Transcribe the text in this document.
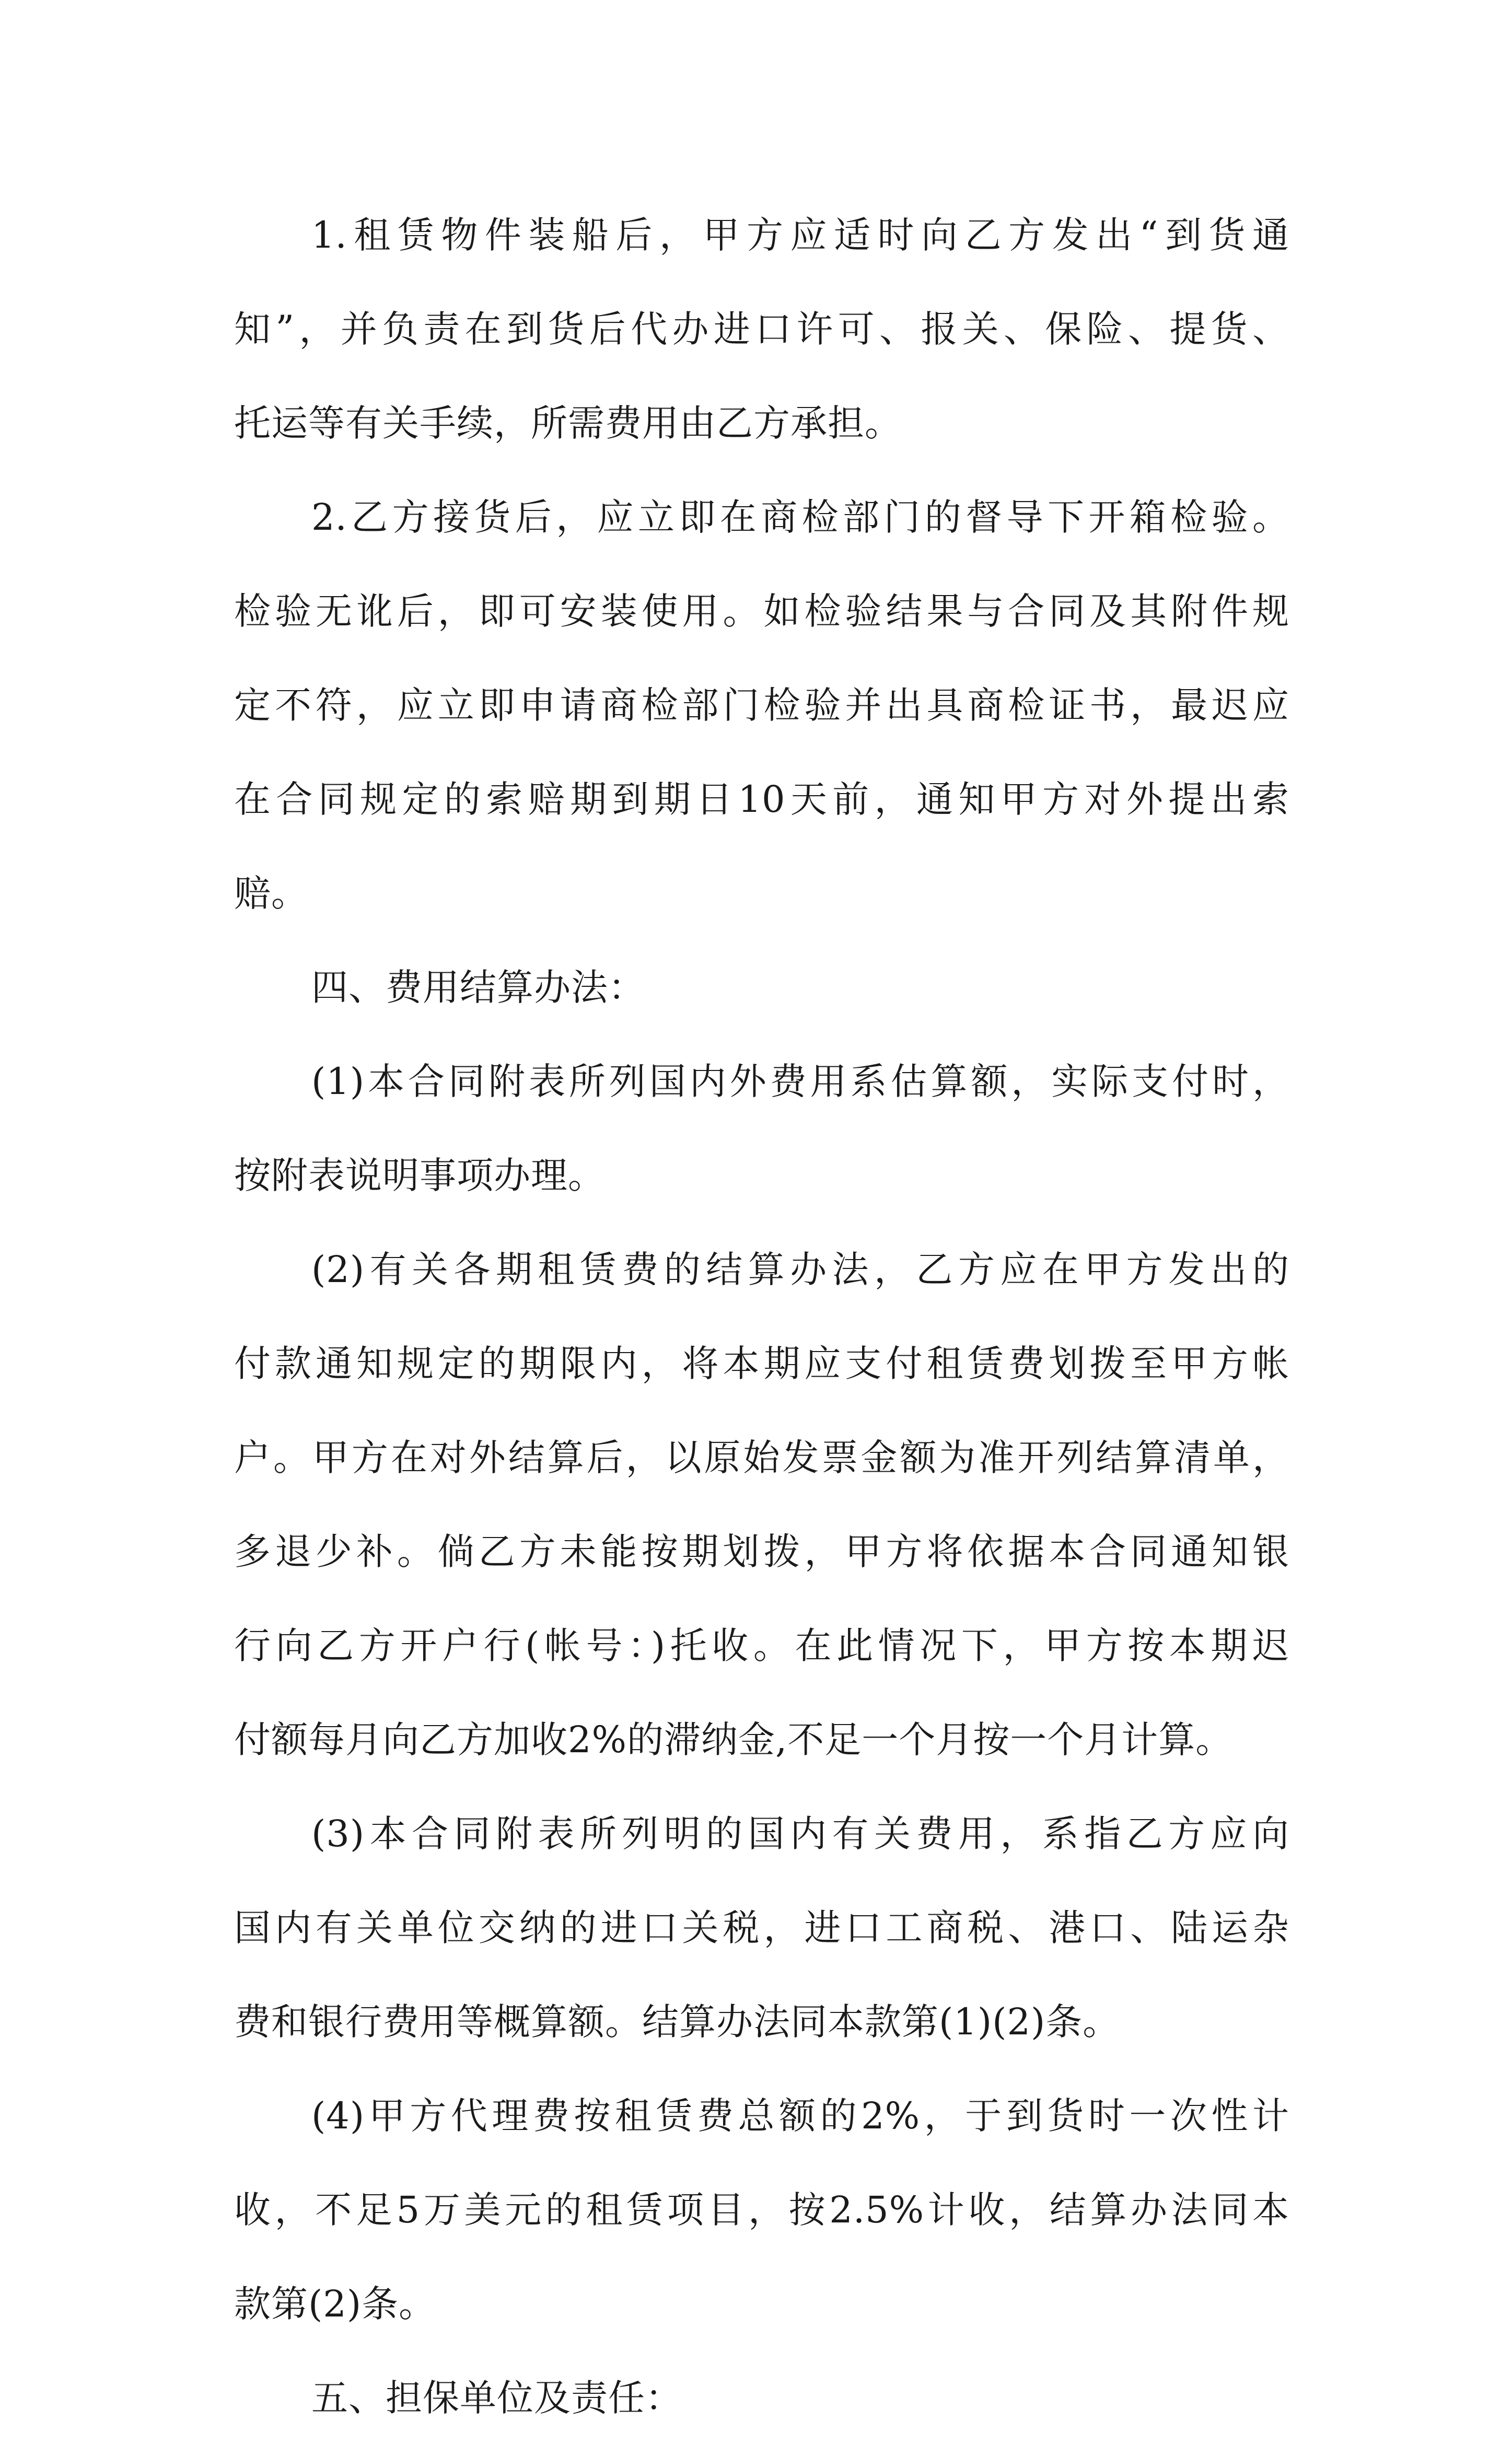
1.租赁物件装船后，甲方应适时向乙方发出“到货通
知”，并负责在到货后代办进口许可、报关、保险、提货、
托运等有关手续，所需费用由乙方承担。
2.乙方接货后，应立即在商检部门的督导下开箱检验。
检验无讹后，即可安装使用。如检验结果与合同及其附件规
定不符，应立即申请商检部门检验并出具商检证书，最迟应
在合同规定的索赔期到期日10天前，通知甲方对外提出索
赔。
四、费用结算办法：
(1)本合同附表所列国内外费用系估算额，实际支付时，
按附表说明事项办理。
(2)有关各期租赁费的结算办法，乙方应在甲方发出的
付款通知规定的期限内，将本期应支付租赁费划拨至甲方帐
户。甲方在对外结算后，以原始发票金额为准开列结算清单，
多退少补。倘乙方未能按期划拨，甲方将依据本合同通知银
行向乙方开户行(帐号：)托收。在此情况下，甲方按本期迟
付额每月向乙方加收2%的滞纳金,不足一个月按一个月计算。
(3)本合同附表所列明的国内有关费用，系指乙方应向
国内有关单位交纳的进口关税，进口工商税、港口、陆运杂
费和银行费用等概算额。结算办法同本款第(1)(2)条。
(4)甲方代理费按租赁费总额的2%，于到货时一次性计
收，不足5万美元的租赁项目，按2.5%计收，结算办法同本
款第(2)条。
五、担保单位及责任：
